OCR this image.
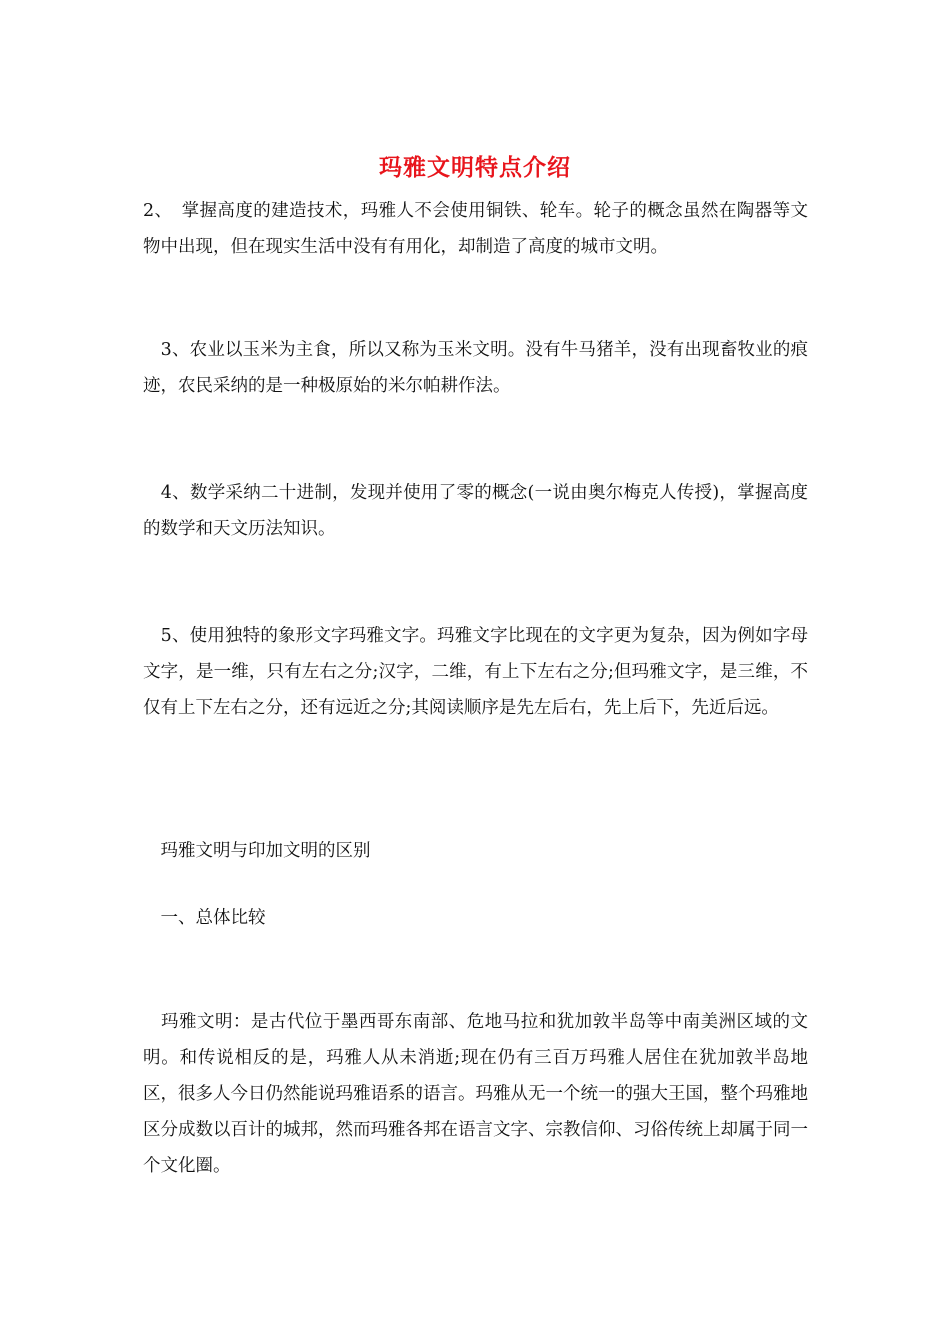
玛雅文明特点介绍

2、　掌握高度的建造技术，玛雅人不会使用铜铁、轮车。轮子的概念虽然在陶器等文物中出现，但在现实生活中没有有用化，却制造了高度的城市文明。

　3、农业以玉米为主食，所以又称为玉米文明。没有牛马猪羊，没有出现畜牧业的痕迹，农民采纳的是一种极原始的米尔帕耕作法。

　4、数学采纳二十进制，发现并使用了零的概念(一说由奥尔梅克人传授)，掌握高度的数学和天文历法知识。

　5、使用独特的象形文字玛雅文字。玛雅文字比现在的文字更为复杂，因为例如字母文字，是一维，只有左右之分;汉字，二维，有上下左右之分;但玛雅文字，是三维，不仅有上下左右之分，还有远近之分;其阅读顺序是先左后右，先上后下，先近后远。

　玛雅文明与印加文明的区别

　一、总体比较

　玛雅文明：是古代位于墨西哥东南部、危地马拉和犹加敦半岛等中南美洲区域的文明。和传说相反的是，玛雅人从未消逝;现在仍有三百万玛雅人居住在犹加敦半岛地区，很多人今日仍然能说玛雅语系的语言。玛雅从无一个统一的强大王国，整个玛雅地区分成数以百计的城邦，然而玛雅各邦在语言文字、宗教信仰、习俗传统上却属于同一个文化圈。
